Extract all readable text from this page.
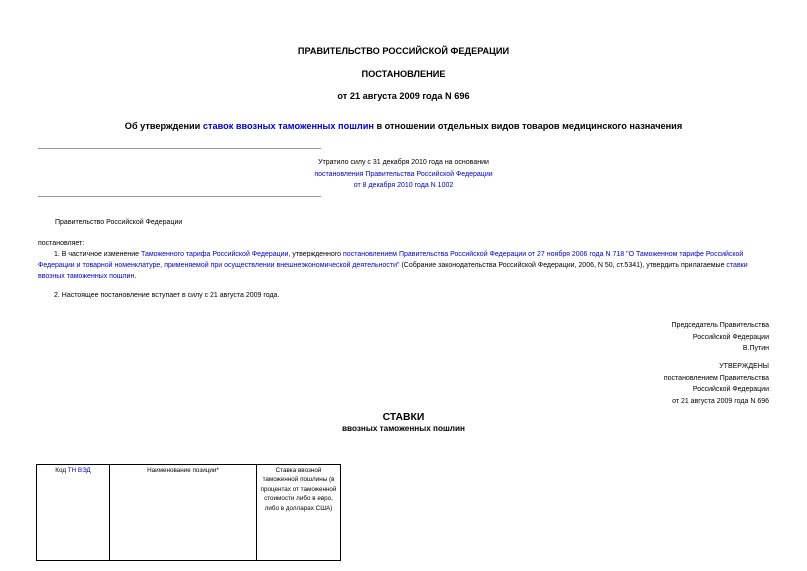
ПРАВИТЕЛЬСТВО РОССИЙСКОЙ ФЕДЕРАЦИИ
ПОСТАНОВЛЕНИЕ
от 21 августа 2009 года N 696
Об утверждении ставок ввозных таможенных пошлин в отношении отдельных видов товаров медицинского назначения
Утратило силу с 31 декабря 2010 года на основании
постановления Правительства Российской Федерации
от 8 декабря 2010 года N 1002
Правительство Российской Федерации
постановляет:
1. В частичное изменение Таможенного тарифа Российской Федерации, утвержденного постановлением Правительства Российской Федерации от 27 ноября 2006 года N 718 "О Таможенном тарифе Российской Федерации и товарной номенклатуре, применяемой при осуществлении внешнеэкономической деятельности" (Собрание законодательства Российской Федерации, 2006, N 50, ст.5341), утвердить прилагаемые ставки ввозных таможенных пошлин.
2. Настоящее постановление вступает в силу с 21 августа 2009 года.
Председатель Правительства
Российской Федерации
В.Путин
УТВЕРЖДЕНЫ
постановлением Правительства
Российской Федерации
от 21 августа 2009 года N 696
СТАВКИ
ввозных таможенных пошлин
Код ТН ВЭД	Наименование позиции*	Ставка ввозной таможенной пошлины (в процентах от таможенной стоимости либо в евро, либо в долларах США)
